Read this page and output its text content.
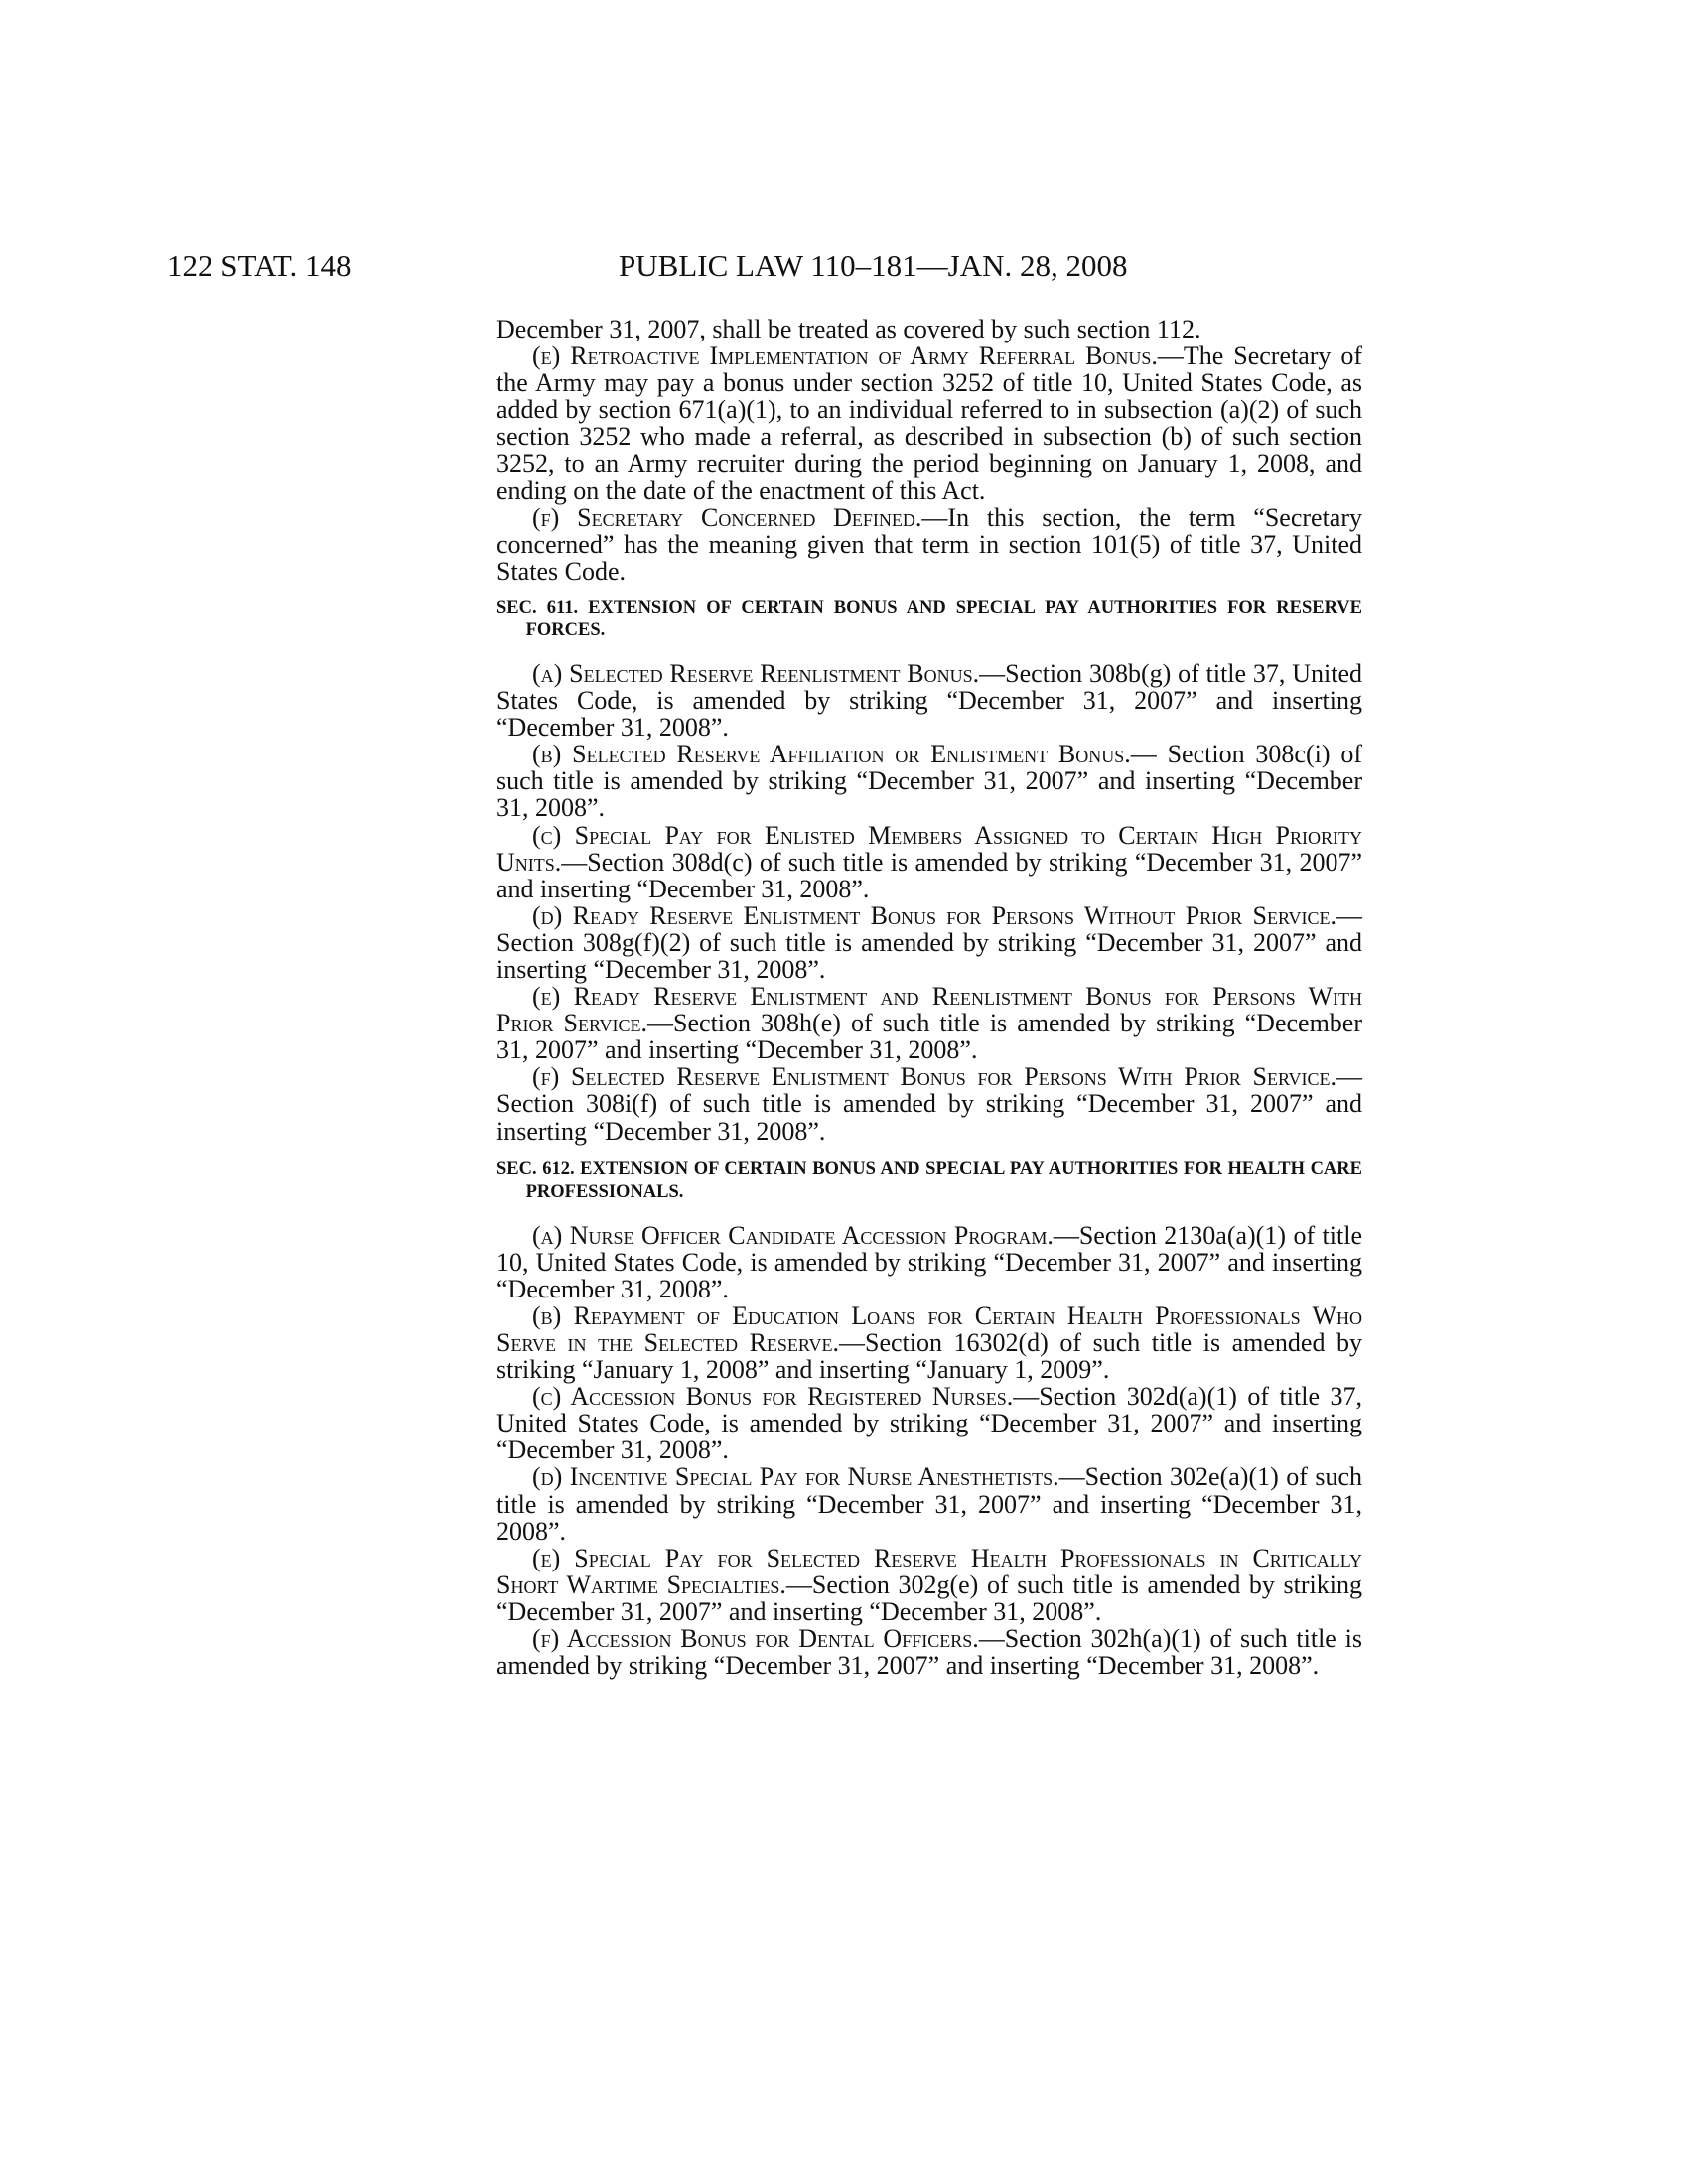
122 STAT. 148	PUBLIC LAW 110–181—JAN. 28, 2008

December 31, 2007, shall be treated as covered by such section 112.

(e) Retroactive Implementation of Army Referral Bonus.—The Secretary of the Army may pay a bonus under section 3252 of title 10, United States Code, as added by section 671(a)(1), to an individual referred to in subsection (a)(2) of such section 3252 who made a referral, as described in subsection (b) of such section 3252, to an Army recruiter during the period beginning on January 1, 2008, and ending on the date of the enactment of this Act.

(f) Secretary Concerned Defined.—In this section, the term “Secretary concerned” has the meaning given that term in section 101(5) of title 37, United States Code.

SEC. 611. EXTENSION OF CERTAIN BONUS AND SPECIAL PAY AUTHORITIES FOR RESERVE FORCES.

(a) Selected Reserve Reenlistment Bonus.—Section 308b(g) of title 37, United States Code, is amended by striking “December 31, 2007” and inserting “December 31, 2008”.

(b) Selected Reserve Affiliation or Enlistment Bonus.— Section 308c(i) of such title is amended by striking “December 31, 2007” and inserting “December 31, 2008”.

(c) Special Pay for Enlisted Members Assigned to Certain High Priority Units.—Section 308d(c) of such title is amended by striking “December 31, 2007” and inserting “December 31, 2008”.

(d) Ready Reserve Enlistment Bonus for Persons Without Prior Service.—Section 308g(f)(2) of such title is amended by striking “December 31, 2007” and inserting “December 31, 2008”.

(e) Ready Reserve Enlistment and Reenlistment Bonus for Persons With Prior Service.—Section 308h(e) of such title is amended by striking “December 31, 2007” and inserting “December 31, 2008”.

(f) Selected Reserve Enlistment Bonus for Persons With Prior Service.—Section 308i(f) of such title is amended by striking “December 31, 2007” and inserting “December 31, 2008”.

SEC. 612. EXTENSION OF CERTAIN BONUS AND SPECIAL PAY AUTHORITIES FOR HEALTH CARE PROFESSIONALS.

(a) Nurse Officer Candidate Accession Program.—Section 2130a(a)(1) of title 10, United States Code, is amended by striking “December 31, 2007” and inserting “December 31, 2008”.

(b) Repayment of Education Loans for Certain Health Professionals Who Serve in the Selected Reserve.—Section 16302(d) of such title is amended by striking “January 1, 2008” and inserting “January 1, 2009”.

(c) Accession Bonus for Registered Nurses.—Section 302d(a)(1) of title 37, United States Code, is amended by striking “December 31, 2007” and inserting “December 31, 2008”.

(d) Incentive Special Pay for Nurse Anesthetists.—Section 302e(a)(1) of such title is amended by striking “December 31, 2007” and inserting “December 31, 2008”.

(e) Special Pay for Selected Reserve Health Professionals in Critically Short Wartime Specialties.—Section 302g(e) of such title is amended by striking “December 31, 2007” and inserting “December 31, 2008”.

(f) Accession Bonus for Dental Officers.—Section 302h(a)(1) of such title is amended by striking “December 31, 2007” and inserting “December 31, 2008”.
